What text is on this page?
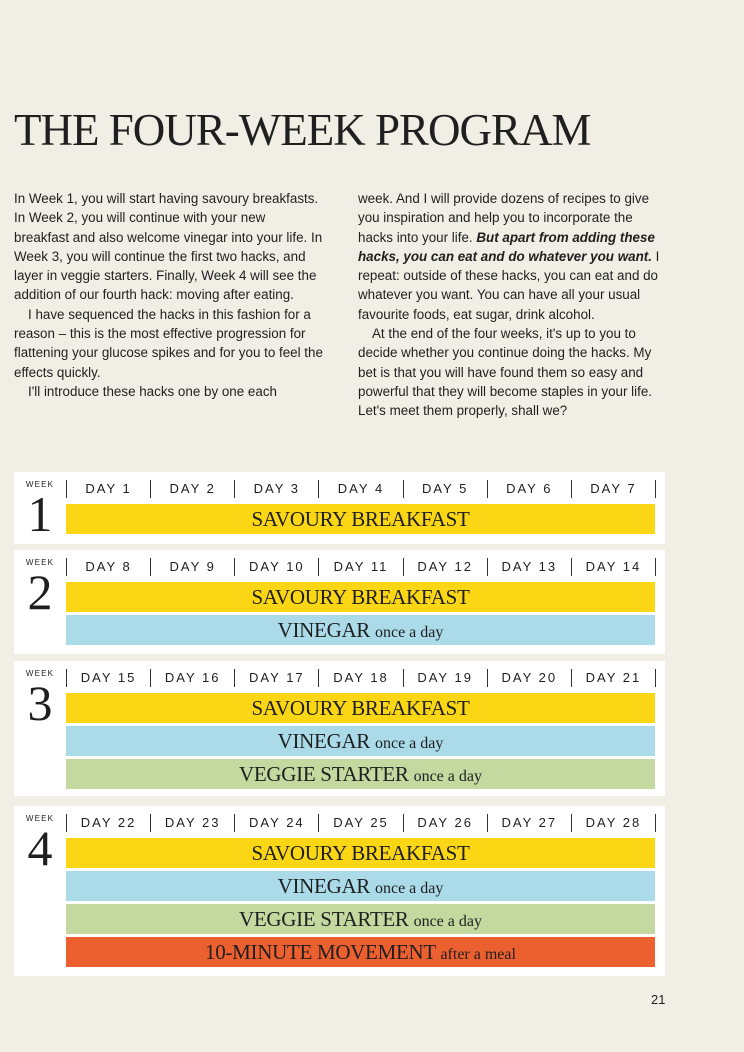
THE FOUR-WEEK PROGRAM

In Week 1, you will start having savoury breakfasts. In Week 2, you will continue with your new breakfast and also welcome vinegar into your life. In Week 3, you will continue the first two hacks, and layer in veggie starters. Finally, Week 4 will see the addition of our fourth hack: moving after eating.

I have sequenced the hacks in this fashion for a reason – this is the most effective progression for flattening your glucose spikes and for you to feel the effects quickly.

I'll introduce these hacks one by one each

week. And I will provide dozens of recipes to give you inspiration and help you to incorporate the hacks into your life. But apart from adding these hacks, you can eat and do whatever you want. I repeat: outside of these hacks, you can eat and do whatever you want. You can have all your usual favourite foods, eat sugar, drink alcohol.

At the end of the four weeks, it's up to you to decide whether you continue doing the hacks. My bet is that you will have found them so easy and powerful that they will become staples in your life. Let's meet them properly, shall we?

WEEK
1	DAY 1	DAY 2	DAY 3	DAY 4	DAY 5	DAY 6	DAY 7
SAVOURY BREAKFAST
WEEK
2	DAY 8	DAY 9	DAY 10	DAY 11	DAY 12	DAY 13	DAY 14
SAVOURY BREAKFAST
VINEGAR once a day
WEEK
3	DAY 15	DAY 16	DAY 17	DAY 18	DAY 19	DAY 20	DAY 21
SAVOURY BREAKFAST
VINEGAR once a day
VEGGIE STARTER once a day
WEEK
4	DAY 22	DAY 23	DAY 24	DAY 25	DAY 26	DAY 27	DAY 28
SAVOURY BREAKFAST
VINEGAR once a day
VEGGIE STARTER once a day
10-MINUTE MOVEMENT after a meal
21
